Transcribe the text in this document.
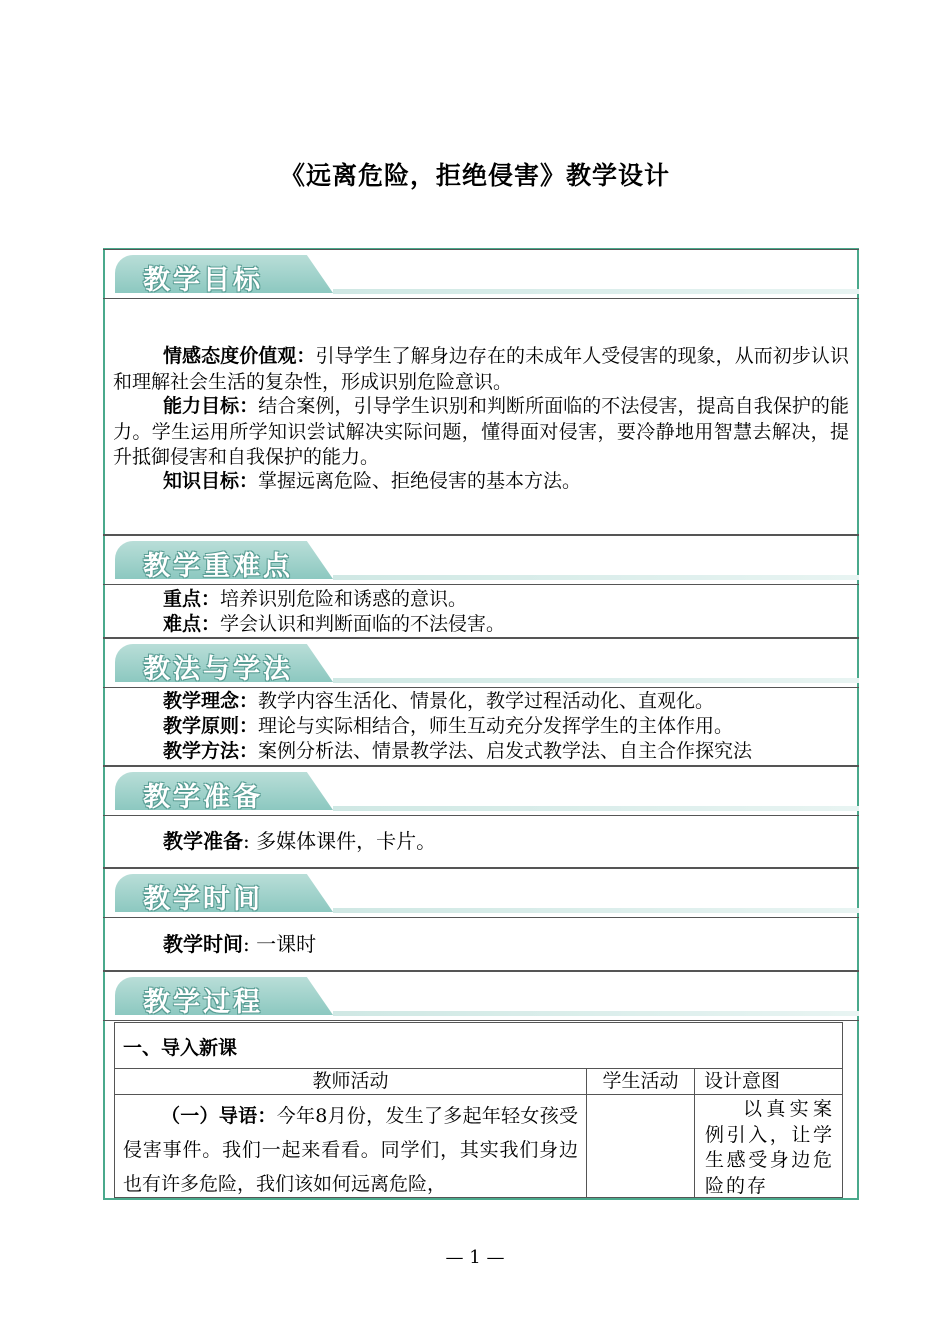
《远离危险，拒绝侵害》教学设计
教学目标
情感态度价值观：引导学生了解身边存在的未成年人受侵害的现象，从而初步认识和理解社会生活的复杂性，形成识别危险意识。
能力目标：结合案例，引导学生识别和判断所面临的不法侵害，提高自我保护的能力。学生运用所学知识尝试解决实际问题，懂得面对侵害，要冷静地用智慧去解决，提升抵御侵害和自我保护的能力。
知识目标：掌握远离危险、拒绝侵害的基本方法。
教学重难点
重点：培养识别危险和诱惑的意识。
难点：学会认识和判断面临的不法侵害。
教法与学法
教学理念：教学内容生活化、情景化，教学过程活动化、直观化。
教学原则：理论与实际相结合，师生互动充分发挥学生的主体作用。
教学方法：案例分析法、情景教学法、启发式教学法、自主合作探究法
教学准备
教学准备: 多媒体课件，卡片。
教学时间
教学时间: 一课时
教学过程
一、导入新课
教师活动	学生活动	设计意图
（一）导语：今年8月份，发生了多起年轻女孩受侵害事件。我们一起来看看。同学们，其实我们身边也有许多危险，我们该如何远离危险，
以真实案例引入，让学生感受身边危险的存
— 1 —
